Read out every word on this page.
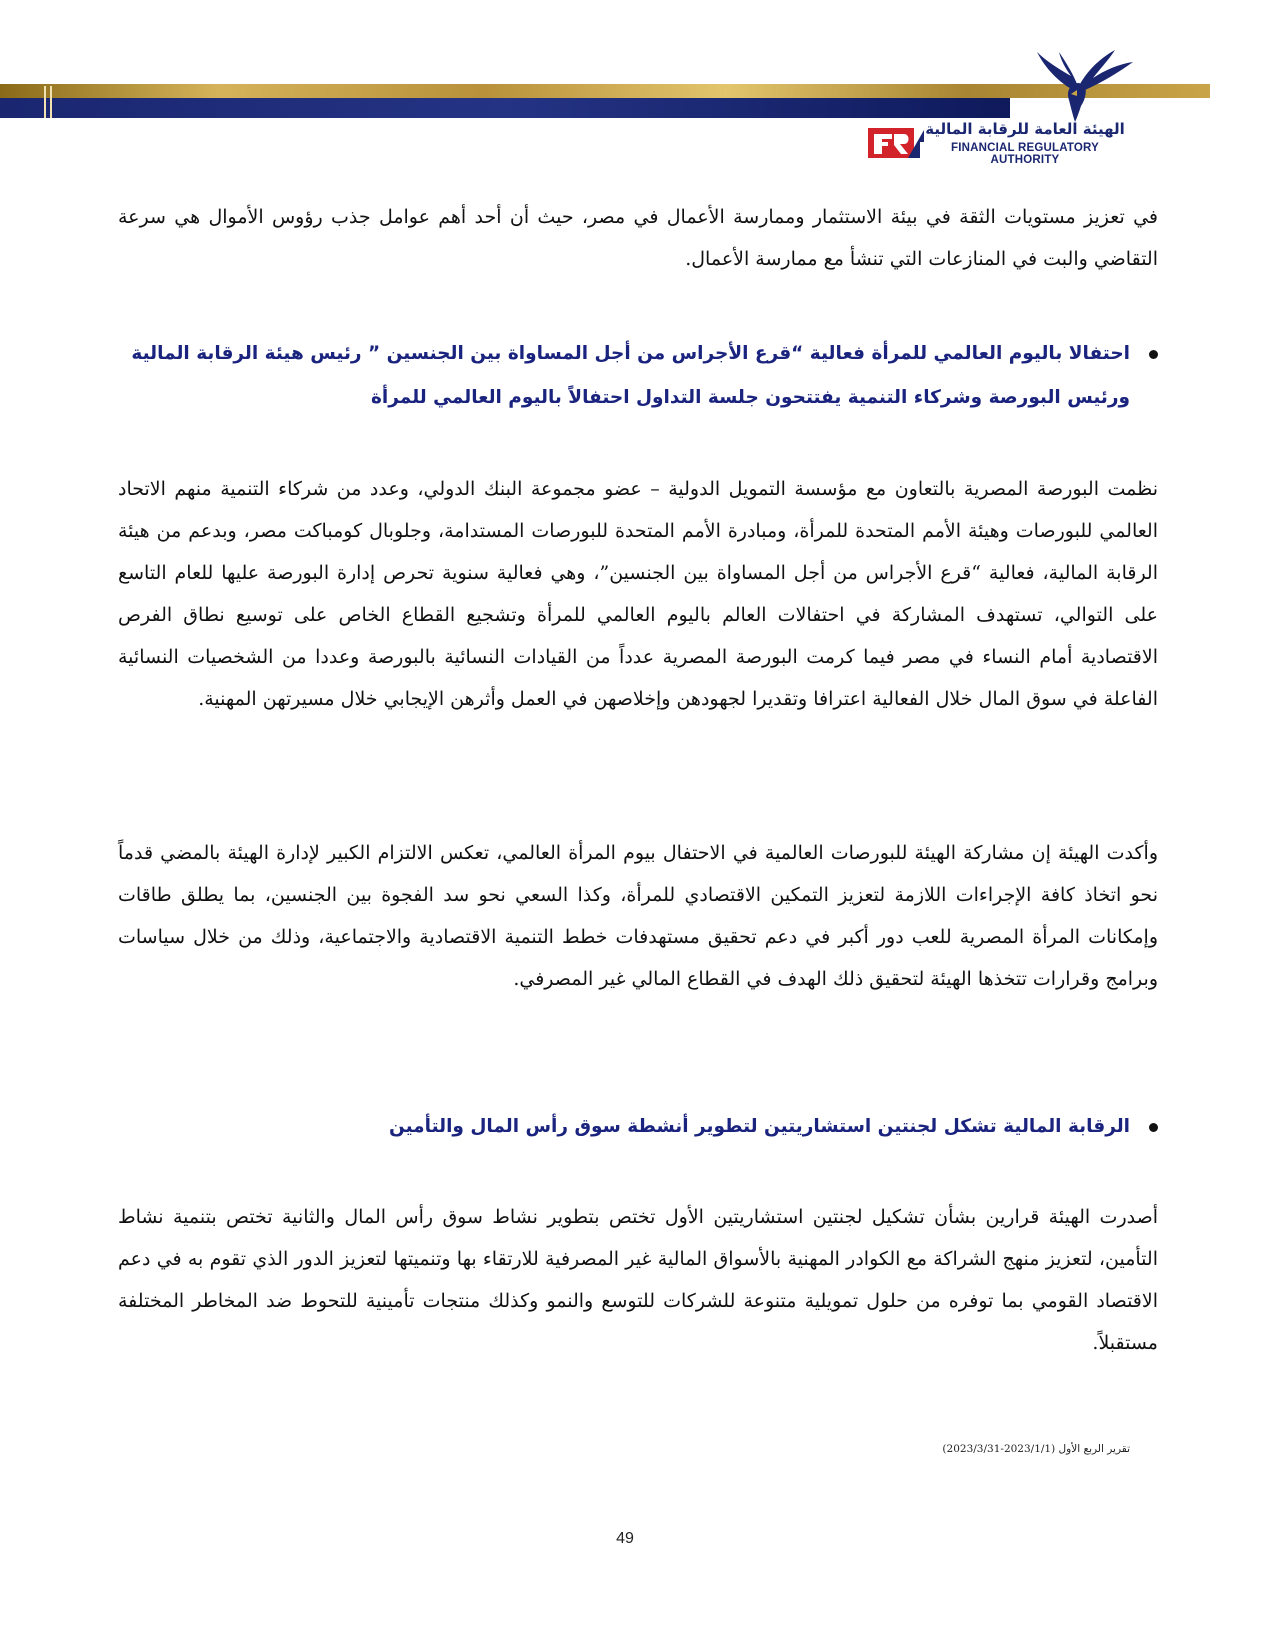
الهيئة العامة للرقابة المالية
FINANCIAL REGULATORY AUTHORITY
في تعزيز مستويات الثقة في بيئة الاستثمار وممارسة الأعمال في مصر، حيث أن أحد أهم عوامل جذب رؤوس الأموال هي سرعة التقاضي والبت في المنازعات التي تنشأ مع ممارسة الأعمال.
احتفالا باليوم العالمي للمرأة فعالية “قرع الأجراس من أجل المساواة بين الجنسين ” رئيس هيئة الرقابة المالية ورئيس البورصة وشركاء التنمية يفتتحون جلسة التداول احتفالاً باليوم العالمي للمرأة
نظمت البورصة المصرية بالتعاون مع مؤسسة التمويل الدولية – عضو مجموعة البنك الدولي، وعدد من شركاء التنمية منهم الاتحاد العالمي للبورصات وهيئة الأمم المتحدة للمرأة، ومبادرة الأمم المتحدة للبورصات المستدامة، وجلوبال كومباكت مصر، وبدعم من هيئة الرقابة المالية، فعالية “قرع الأجراس من أجل المساواة بين الجنسين”، وهي فعالية سنوية تحرص إدارة البورصة عليها للعام التاسع على التوالي، تستهدف المشاركة في احتفالات العالم باليوم العالمي للمرأة وتشجيع القطاع الخاص على توسيع نطاق الفرص الاقتصادية أمام النساء في مصر فيما كرمت البورصة المصرية عدداً من القيادات النسائية بالبورصة وعددا من الشخصيات النسائية الفاعلة في سوق المال خلال الفعالية اعترافا وتقديرا لجهودهن وإخلاصهن في العمل وأثرهن الإيجابي خلال مسيرتهن المهنية.
وأكدت الهيئة إن مشاركة الهيئة للبورصات العالمية في الاحتفال بيوم المرأة العالمي، تعكس الالتزام الكبير لإدارة الهيئة بالمضي قدماً نحو اتخاذ كافة الإجراءات اللازمة لتعزيز التمكين الاقتصادي للمرأة، وكذا السعي نحو سد الفجوة بين الجنسين، بما يطلق طاقات وإمكانات المرأة المصرية للعب دور أكبر في دعم تحقيق مستهدفات خطط التنمية الاقتصادية والاجتماعية، وذلك من خلال سياسات وبرامج وقرارات تتخذها الهيئة لتحقيق ذلك الهدف في القطاع المالي غير المصرفي.
الرقابة المالية تشكل لجنتين استشاريتين لتطوير أنشطة سوق رأس المال والتأمين
أصدرت الهيئة قرارين بشأن تشكيل لجنتين استشاريتين الأول تختص بتطوير نشاط سوق رأس المال والثانية تختص بتنمية نشاط التأمين، لتعزيز منهج الشراكة مع الكوادر المهنية بالأسواق المالية غير المصرفية للارتقاء بها وتنميتها لتعزيز الدور الذي تقوم به في دعم الاقتصاد القومي بما توفره من حلول تمويلية متنوعة للشركات للتوسع والنمو وكذلك منتجات تأمينية للتحوط ضد المخاطر المختلفة مستقبلاً.
تقرير الربع الأول (2023/1/1-2023/3/31)
49
